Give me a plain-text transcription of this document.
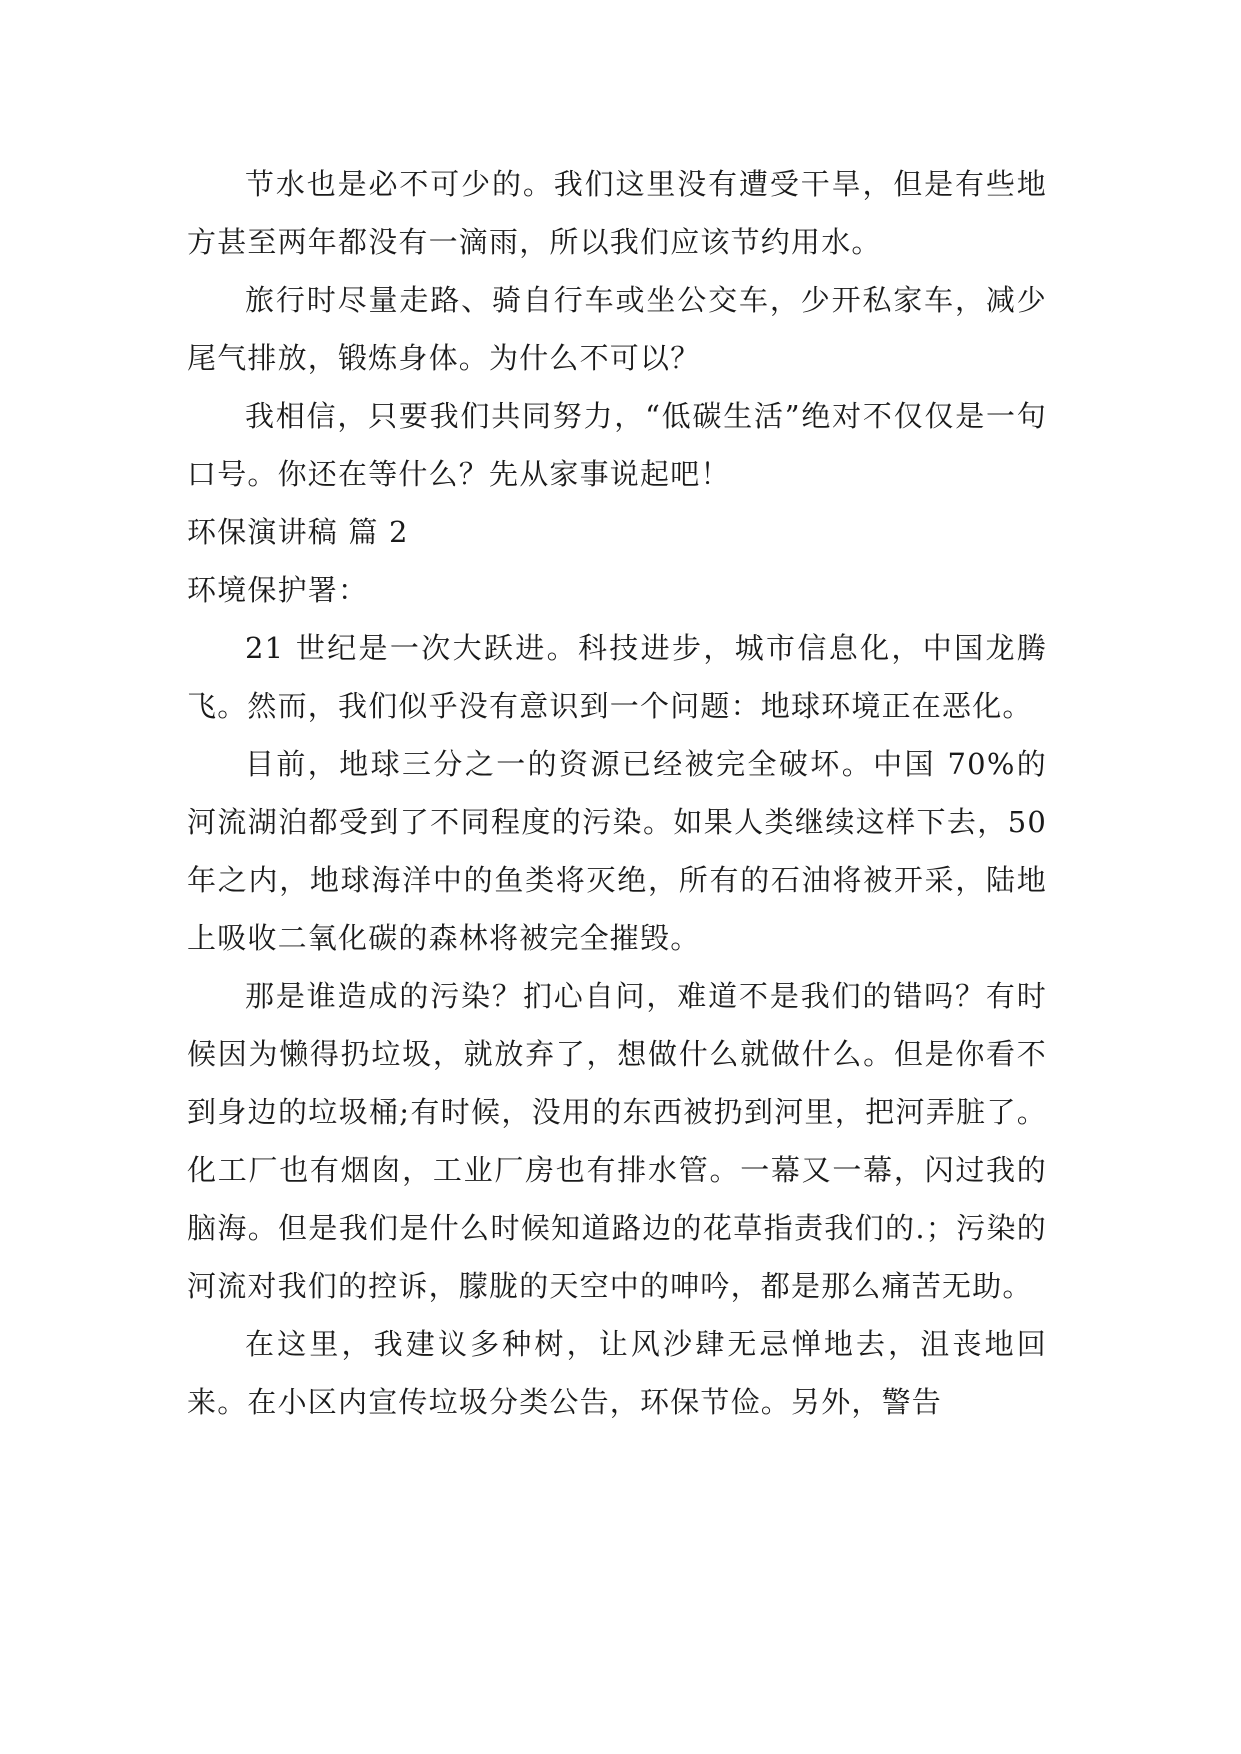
节水也是必不可少的。我们这里没有遭受干旱，但是有些地方甚至两年都没有一滴雨，所以我们应该节约用水。

旅行时尽量走路、骑自行车或坐公交车，少开私家车，减少尾气排放，锻炼身体。为什么不可以？

我相信，只要我们共同努力，“低碳生活”绝对不仅仅是一句口号。你还在等什么？先从家事说起吧！

环保演讲稿 篇 2

环境保护署：

21 世纪是一次大跃进。科技进步，城市信息化，中国龙腾飞。然而，我们似乎没有意识到一个问题：地球环境正在恶化。

目前，地球三分之一的资源已经被完全破坏。中国 70%的河流湖泊都受到了不同程度的污染。如果人类继续这样下去，50 年之内，地球海洋中的鱼类将灭绝，所有的石油将被开采，陆地上吸收二氧化碳的森林将被完全摧毁。

那是谁造成的污染？扪心自问，难道不是我们的错吗？有时候因为懒得扔垃圾，就放弃了，想做什么就做什么。但是你看不到身边的垃圾桶;有时候，没用的东西被扔到河里，把河弄脏了。化工厂也有烟囱，工业厂房也有排水管。一幕又一幕，闪过我的脑海。但是我们是什么时候知道路边的花草指责我们的.；污染的河流对我们的控诉，朦胧的天空中的呻吟，都是那么痛苦无助。

在这里，我建议多种树，让风沙肆无忌惮地去，沮丧地回来。在小区内宣传垃圾分类公告，环保节俭。另外，警告
